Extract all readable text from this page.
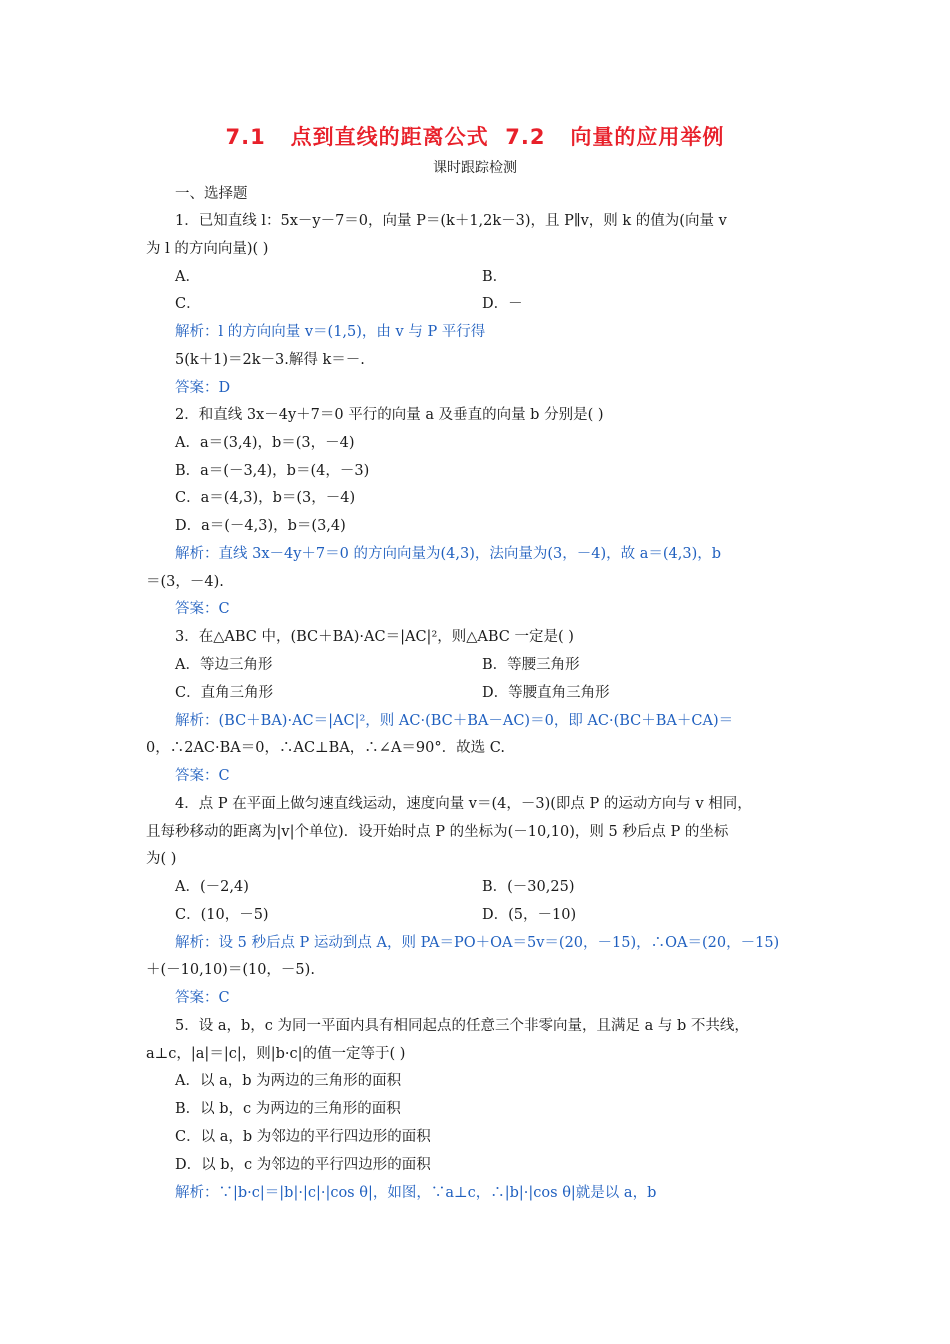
7.1   点到直线的距离公式  7.2   向量的应用举例
课时跟踪检测
一、选择题
1．已知直线 l：5x－y－7＝0，向量 P＝(k＋1,2k－3)，且 P∥v，则 k 的值为(向量 v
为 l 的方向向量)( )
A．	B．
C．	D．－
解析：l 的方向向量 v＝(1,5)，由 v 与 P 平行得
5(k＋1)＝2k－3.解得 k＝－.
答案：D
2．和直线 3x－4y＋7＝0 平行的向量 a 及垂直的向量 b 分别是( )
A．a＝(3,4)，b＝(3，－4)
B．a＝(－3,4)，b＝(4，－3)
C．a＝(4,3)，b＝(3，－4)
D．a＝(－4,3)，b＝(3,4)
解析：直线 3x－4y＋7＝0 的方向向量为(4,3)，法向量为(3，－4)，故 a＝(4,3)，b
＝(3，－4).
答案：C
3．在△ABC 中，(BC＋BA)·AC＝|AC|²，则△ABC 一定是( )
A．等边三角形	B．等腰三角形
C．直角三角形	D．等腰直角三角形
解析：(BC＋BA)·AC＝|AC|²，则 AC·(BC＋BA－AC)＝0，即 AC·(BC＋BA＋CA)＝
0，∴2AC·BA＝0，∴AC⊥BA，∴∠A＝90°．故选 C.
答案：C
4．点 P 在平面上做匀速直线运动，速度向量 v＝(4，－3)(即点 P 的运动方向与 v 相同，
且每秒移动的距离为|v|个单位)．设开始时点 P 的坐标为(－10,10)，则 5 秒后点 P 的坐标
为( )
A．(－2,4)	B．(－30,25)
C．(10，－5)	D．(5，－10)
解析：设 5 秒后点 P 运动到点 A，则 PA＝PO＋OA＝5v＝(20，－15)，∴OA＝(20，－15)
＋(－10,10)＝(10，－5).
答案：C
5．设 a，b，c 为同一平面内具有相同起点的任意三个非零向量，且满足 a 与 b 不共线，
a⊥c，|a|＝|c|，则|b·c|的值一定等于( )
A．以 a，b 为两边的三角形的面积
B．以 b，c 为两边的三角形的面积
C．以 a，b 为邻边的平行四边形的面积
D．以 b，c 为邻边的平行四边形的面积
解析：∵|b·c|＝|b|·|c|·|cos θ|，如图，∵a⊥c，∴|b|·|cos θ|就是以 a，b
